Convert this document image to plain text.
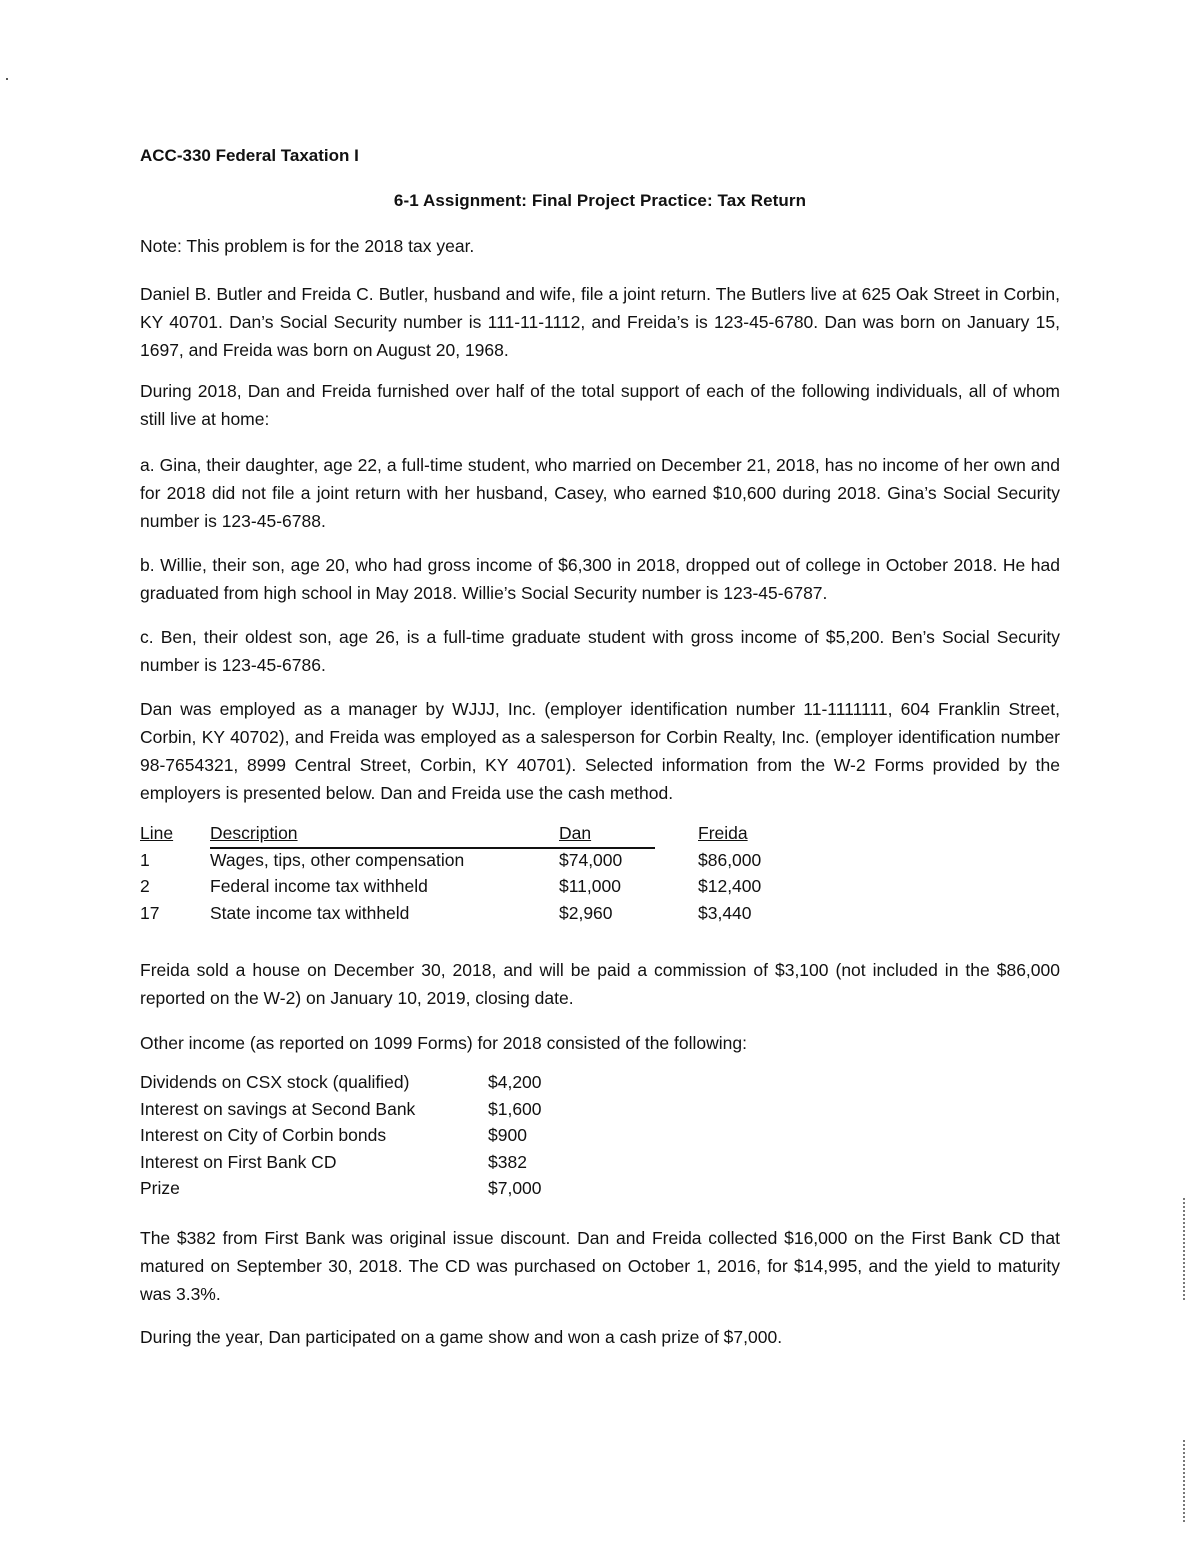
ACC-330 Federal Taxation I
6-1 Assignment: Final Project Practice: Tax Return

Note: This problem is for the 2018 tax year.

Daniel B. Butler and Freida C. Butler, husband and wife, file a joint return. The Butlers live at 625 Oak Street in Corbin, KY 40701. Dan’s Social Security number is 111-11-1112, and Freida’s is 123-45-6780. Dan was born on January 15, 1697, and Freida was born on August 20, 1968.

During 2018, Dan and Freida furnished over half of the total support of each of the following individuals, all of whom still live at home:

a. Gina, their daughter, age 22, a full-time student, who married on December 21, 2018, has no income of her own and for 2018 did not file a joint return with her husband, Casey, who earned $10,600 during 2018. Gina’s Social Security number is 123-45-6788.

b. Willie, their son, age 20, who had gross income of $6,300 in 2018, dropped out of college in October 2018. He had graduated from high school in May 2018. Willie’s Social Security number is 123-45-6787.

c. Ben, their oldest son, age 26, is a full-time graduate student with gross income of $5,200. Ben’s Social Security number is 123-45-6786.

Dan was employed as a manager by WJJJ, Inc. (employer identification number 11-1111111, 604 Franklin Street, Corbin, KY 40702), and Freida was employed as a salesperson for Corbin Realty, Inc. (employer identification number 98-7654321, 8999 Central Street, Corbin, KY 40701). Selected information from the W-2 Forms provided by the employers is presented below. Dan and Freida use the cash method.

Line Description	Dan	Freida
1	Wages, tips, other compensation	$74,000	$86,000
2	Federal income tax withheld	$11,000	$12,400
17	State income tax withheld	$2,960	$3,440

Freida sold a house on December 30, 2018, and will be paid a commission of $3,100 (not included in the $86,000 reported on the W-2) on January 10, 2019, closing date.

Other income (as reported on 1099 Forms) for 2018 consisted of the following:

Dividends on CSX stock (qualified)	$4,200
Interest on savings at Second Bank	$1,600
Interest on City of Corbin bonds	$900
Interest on First Bank CD	$382
Prize	$7,000

The $382 from First Bank was original issue discount. Dan and Freida collected $16,000 on the First Bank CD that matured on September 30, 2018. The CD was purchased on October 1, 2016, for $14,995, and the yield to maturity was 3.3%.

During the year, Dan participated on a game show and won a cash prize of $7,000.
